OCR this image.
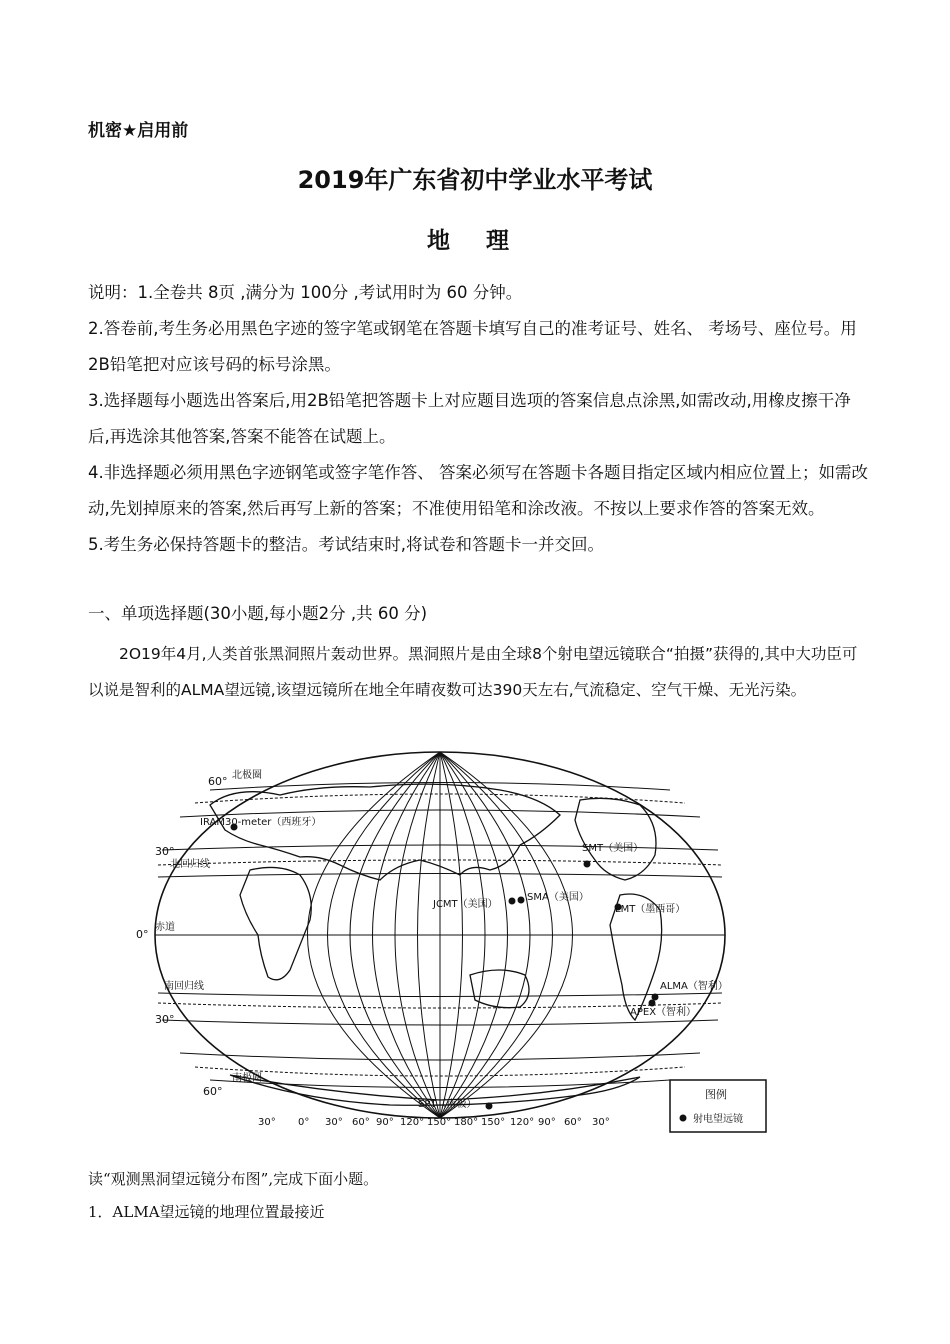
机密★启用前
2019年广东省初中学业水平考试
地 理

说明：1.全卷共 8页 ,满分为 100分 ,考试用时为 60 分钟。

2.答卷前,考生务必用黑色字迹的签字笔或钢笔在答题卡填写自己的准考证号、姓名、 考场号、座位号。用 2B铅笔把对应该号码的标号涂黑。

3.选择题每小题选出答案后,用2B铅笔把答题卡上对应题目选项的答案信息点涂黑,如需改动,用橡皮擦干净后,再选涂其他答案,答案不能答在试题上。

4.非选择题必须用黑色字迹钢笔或签字笔作答、 答案必须写在答题卡各题目指定区域内相应位置上；如需改动,先划掉原来的答案,然后再写上新的答案；不准使用铅笔和涂改液。不按以上要求作答的答案无效。

5.考生务必保持答题卡的整洁。考试结束时,将试卷和答题卡一并交回。

一、单项选择题(30小题,每小题2分 ,共 60 分)
2O19年4月,人类首张黑洞照片轰动世界。黑洞照片是由全球8个射电望远镜联合“拍摄”获得的,其中大功臣可以说是智利的ALMA望远镜,该望远镜所在地全年晴夜数可达390天左右,气流稳定、空气干燥、无光污染。
60°
30°
0°
30°
60°
北极圈
北回归线
赤道
南回归线
南极圈
30° 0° 30° 60° 90° 120° 150° 180° 150° 120° 90° 60° 30°
IRAM30-meter（西班牙）
SMT（美国）
JCMT（美国）
SMA（美国）
LMT（墨西哥）
ALMA（智利）
APEX（智利）
SPT（南极）
图例
射电望远镜
读“观测黑洞望远镜分布图”,完成下面小题。
1．ALMA望远镜的地理位置最接近
